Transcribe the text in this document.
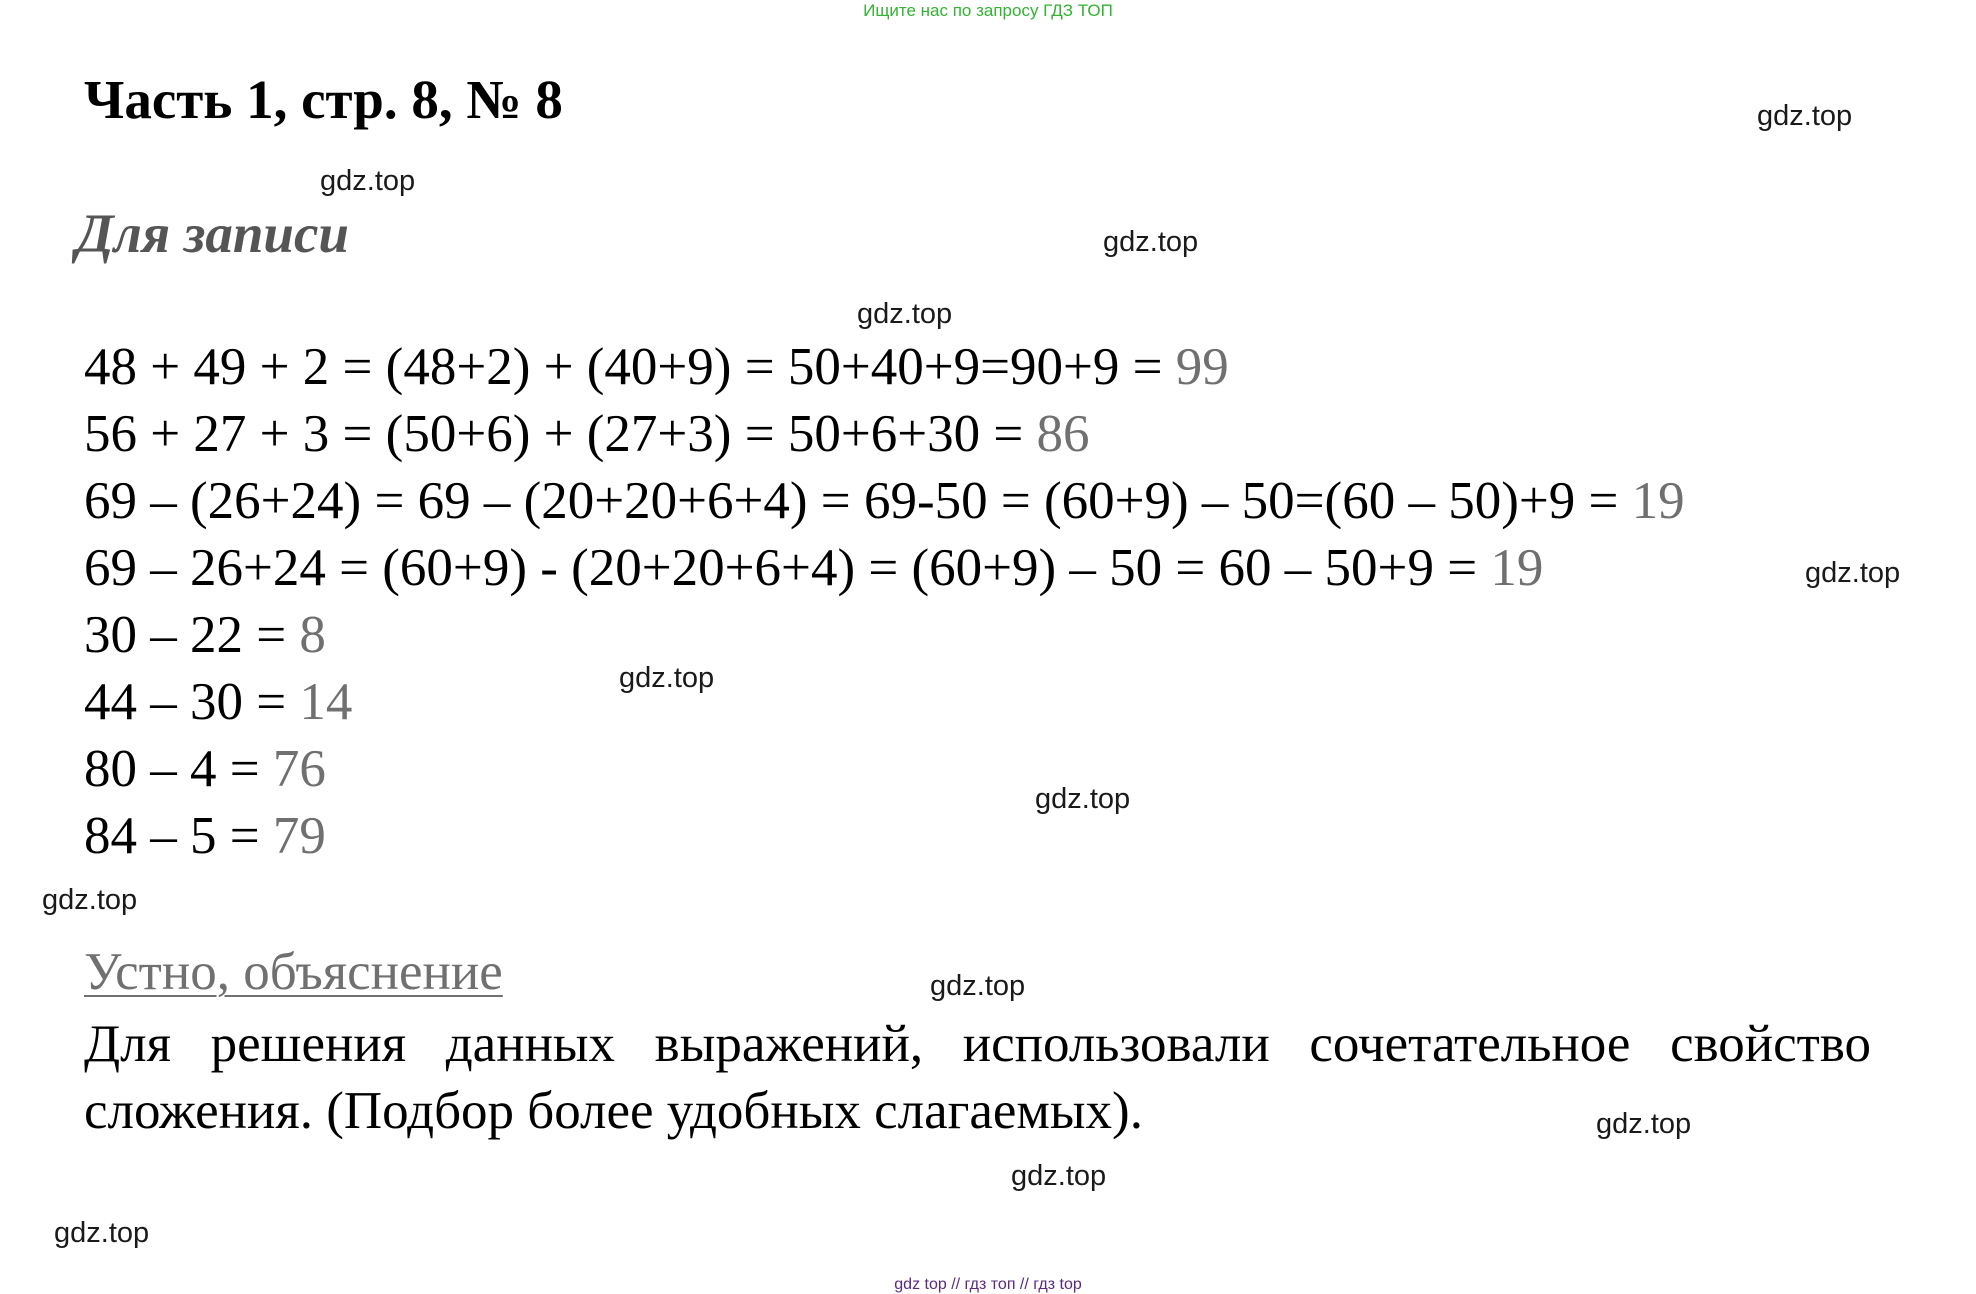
Ищите нас по запросу ГДЗ ТОП
Часть 1, стр. 8, № 8
Для записи
48 + 49 + 2 = (48+2) + (40+9) = 50+40+9=90+9 = 99
56 + 27 + 3 = (50+6) + (27+3) = 50+6+30 = 86
69 – (26+24) = 69 – (20+20+6+4) = 69-50 = (60+9) – 50=(60 – 50)+9 = 19
69 – 26+24 = (60+9) - (20+20+6+4) = (60+9) – 50 = 60 – 50+9 = 19
30 – 22 = 8
44 – 30 = 14
80 – 4 = 76
84 – 5 = 79
Устно, объяснение
Для решения данных выражений, использовали сочетательное свойство сложения. (Подбор более удобных слагаемых).
gdz.top
gdz.top
gdz.top
gdz.top
gdz.top
gdz.top
gdz.top
gdz.top
gdz.top
gdz.top
gdz.top
gdz.top
gdz top // гдз топ // гдз top
